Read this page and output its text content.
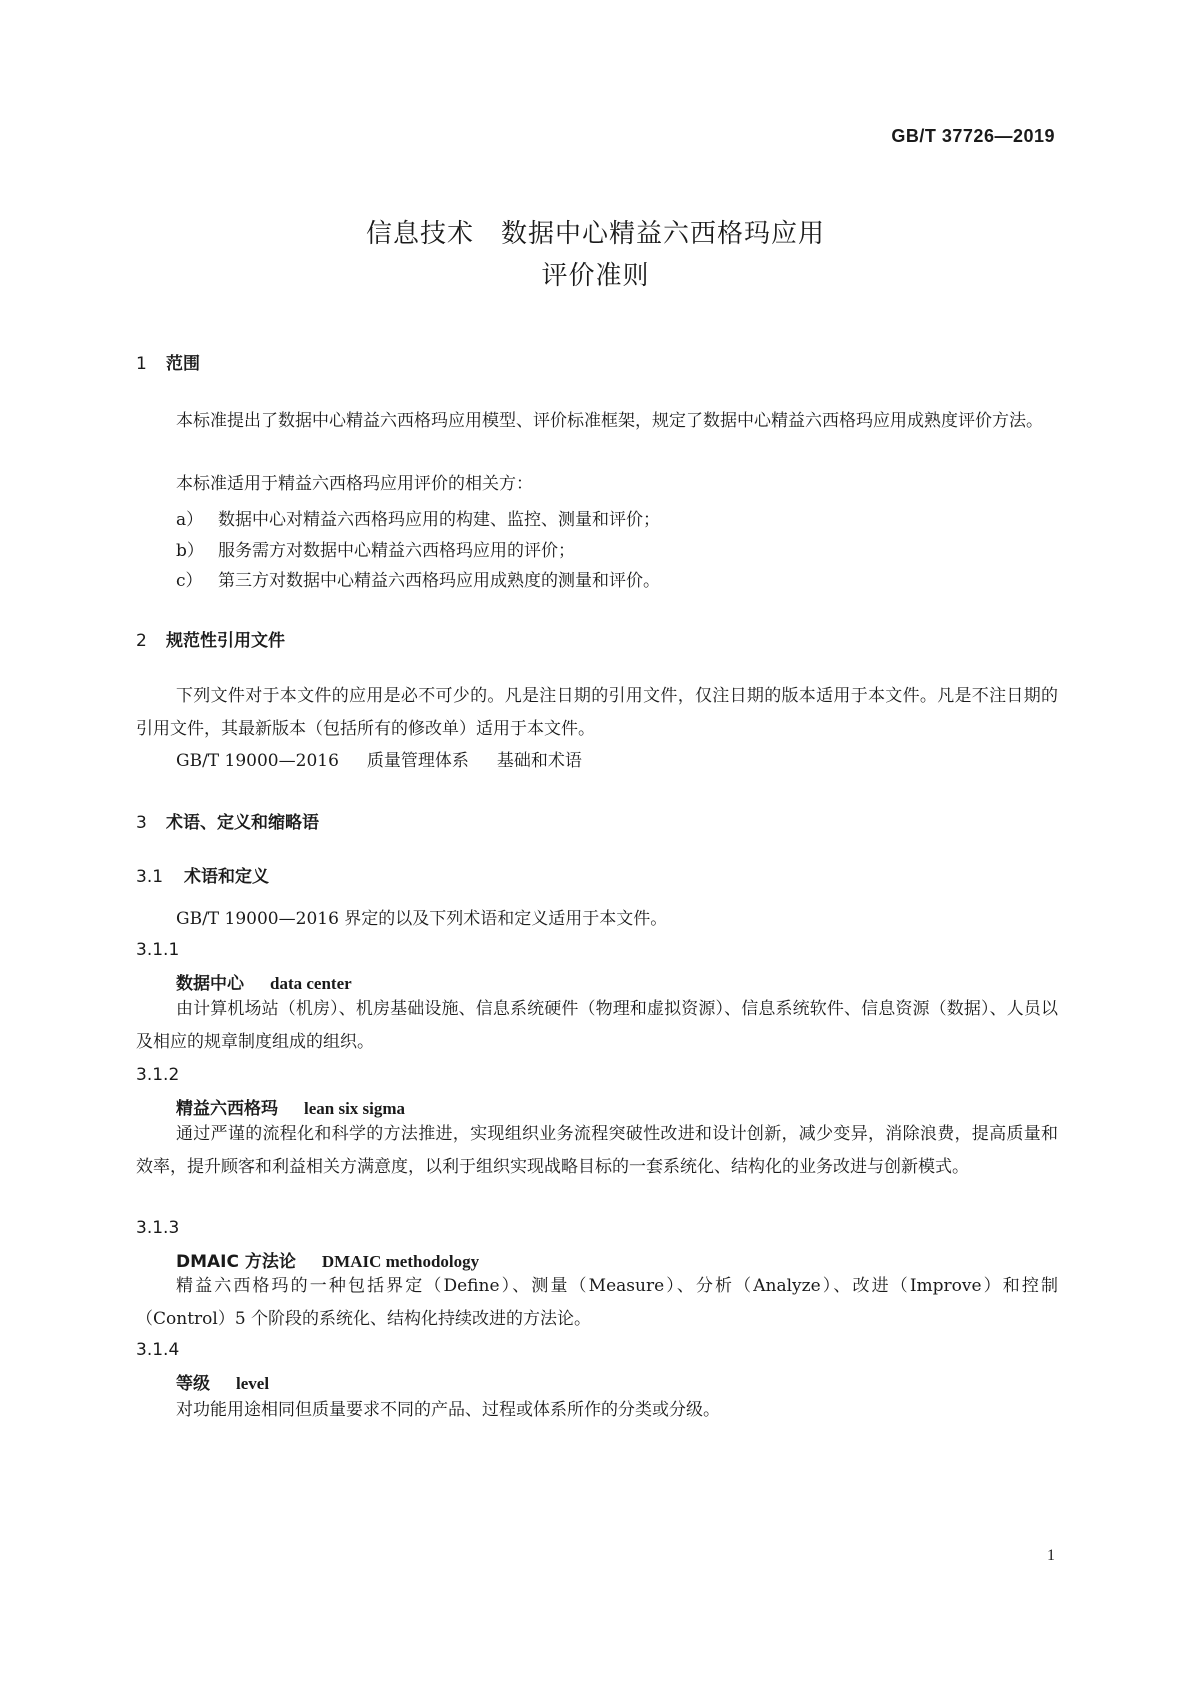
GB/T 37726—2019
信息技术　数据中心精益六西格玛应用
评价准则
1 范围
本标准提出了数据中心精益六西格玛应用模型、评价标准框架，规定了数据中心精益六西格玛应用成熟度评价方法。
本标准适用于精益六西格玛应用评价的相关方：
a） 数据中心对精益六西格玛应用的构建、监控、测量和评价；
b） 服务需方对数据中心精益六西格玛应用的评价；
c） 第三方对数据中心精益六西格玛应用成熟度的测量和评价。
2 规范性引用文件
下列文件对于本文件的应用是必不可少的。凡是注日期的引用文件，仅注日期的版本适用于本文件。凡是不注日期的引用文件，其最新版本（包括所有的修改单）适用于本文件。
GB/T 19000—2016 质量管理体系 基础和术语
3 术语、定义和缩略语
3.1 术语和定义
GB/T 19000—2016 界定的以及下列术语和定义适用于本文件。
3.1.1
数据中心 data center
由计算机场站（机房）、机房基础设施、信息系统硬件（物理和虚拟资源）、信息系统软件、信息资源（数据）、人员以及相应的规章制度组成的组织。
3.1.2
精益六西格玛 lean six sigma
通过严谨的流程化和科学的方法推进，实现组织业务流程突破性改进和设计创新，减少变异，消除浪费，提高质量和效率，提升顾客和利益相关方满意度，以利于组织实现战略目标的一套系统化、结构化的业务改进与创新模式。
3.1.3
DMAIC 方法论 DMAIC methodology
精益六西格玛的一种包括界定（Define）、测量（Measure）、分析（Analyze）、改进（Improve）和控制（Control）5 个阶段的系统化、结构化持续改进的方法论。
3.1.4
等级 level
对功能用途相同但质量要求不同的产品、过程或体系所作的分类或分级。
1
